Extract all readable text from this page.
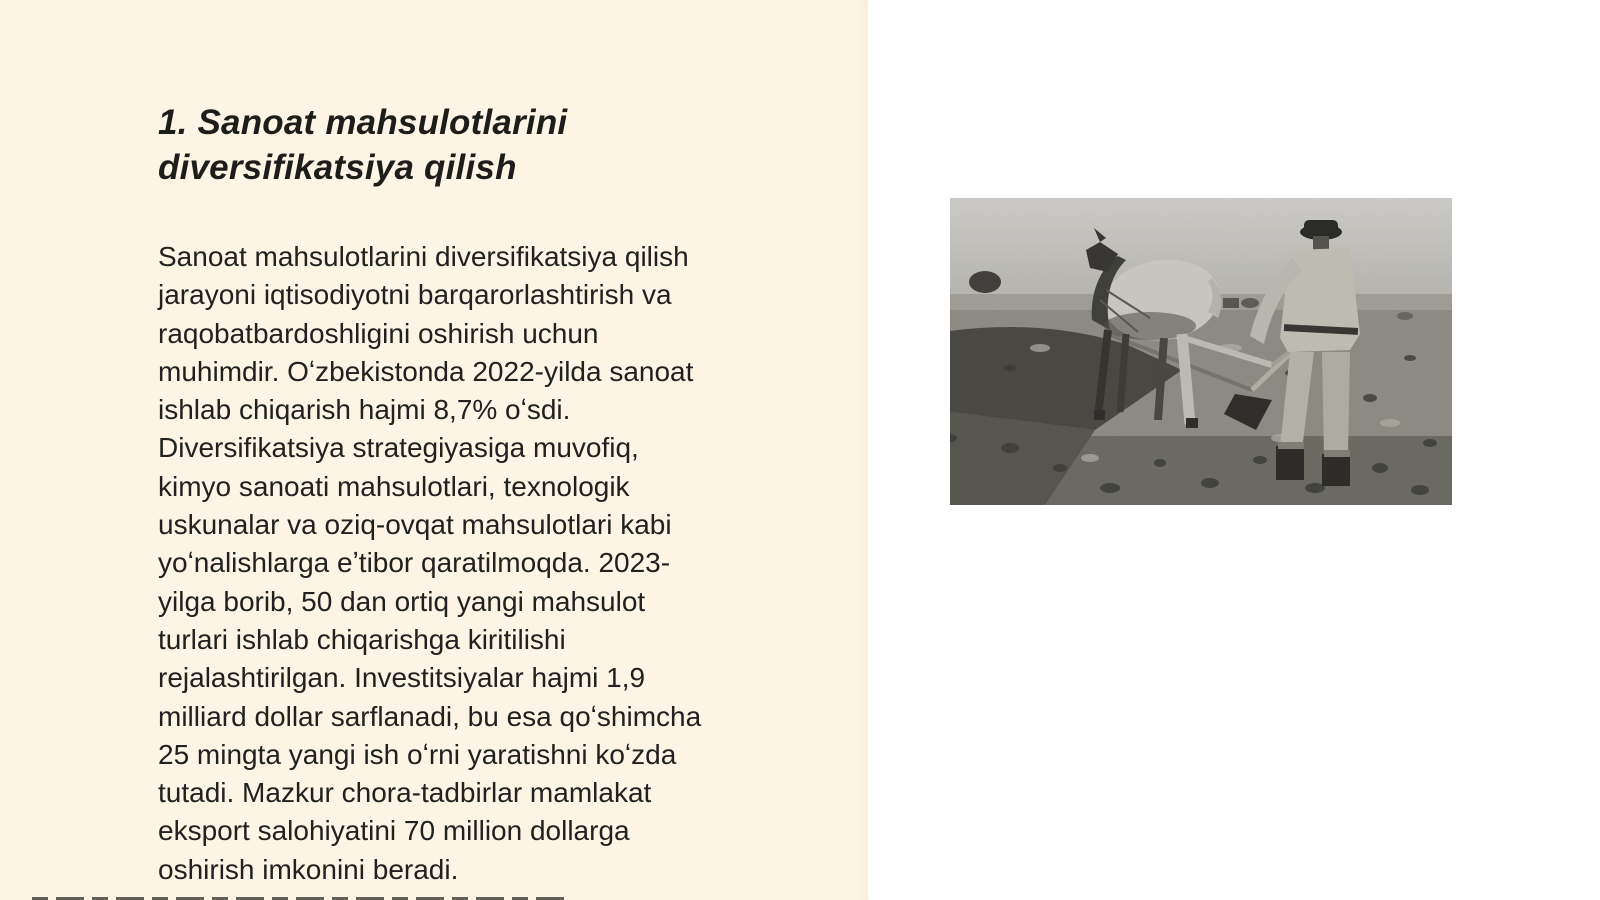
1. Sanoat mahsulotlarini
diversifikatsiya qilish
Sanoat mahsulotlarini diversifikatsiya qilish
jarayoni iqtisodiyotni barqarorlashtirish va
raqobatbardoshligini oshirish uchun
muhimdir. Oʻzbekistonda 2022-yilda sanoat
ishlab chiqarish hajmi 8,7% oʻsdi.
Diversifikatsiya strategiyasiga muvofiq,
kimyo sanoati mahsulotlari, texnologik
uskunalar va oziq-ovqat mahsulotlari kabi
yoʻnalishlarga eʼtibor qaratilmoqda. 2023-
yilga borib, 50 dan ortiq yangi mahsulot
turlari ishlab chiqarishga kiritilishi
rejalashtirilgan. Investitsiyalar hajmi 1,9
milliard dollar sarflanadi, bu esa qoʻshimcha
25 mingta yangi ish oʻrni yaratishni koʻzda
tutadi. Mazkur chora-tadbirlar mamlakat
eksport salohiyatini 70 million dollarga
oshirish imkonini beradi.
